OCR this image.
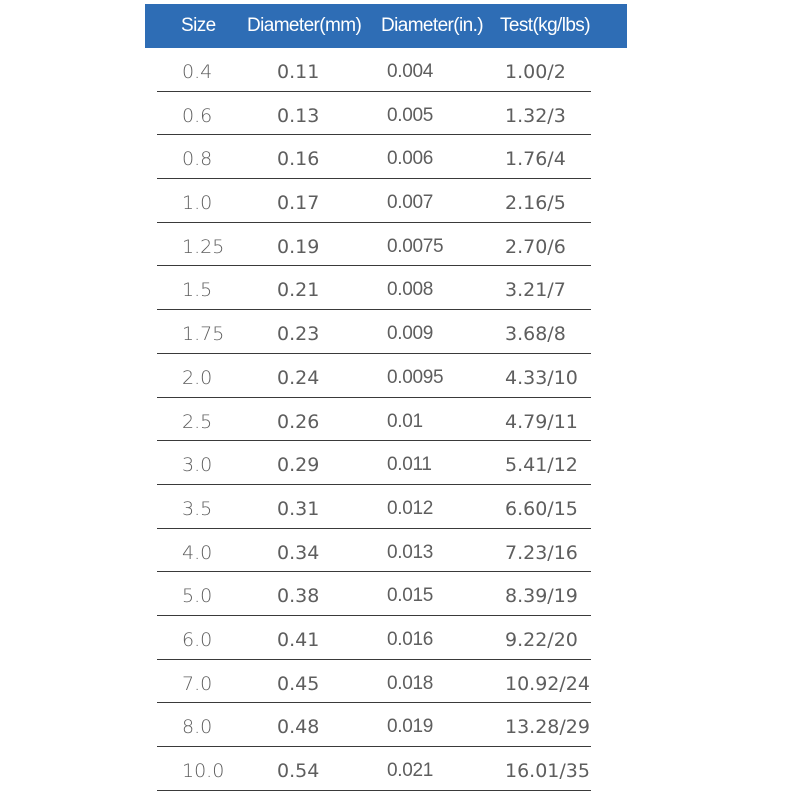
Size Diameter(mm) Diameter(in.) Test(kg/lbs)
0.4	0.11	0.004	1.00/2
0.6	0.13	0.005	1.32/3
0.8	0.16	0.006	1.76/4
1.0	0.17	0.007	2.16/5
1.25	0.19	0.0075	2.70/6
1.5	0.21	0.008	3.21/7
1.75	0.23	0.009	3.68/8
2.0	0.24	0.0095	4.33/10
2.5	0.26	0.01	4.79/11
3.0	0.29	0.011	5.41/12
3.5	0.31	0.012	6.60/15
4.0	0.34	0.013	7.23/16
5.0	0.38	0.015	8.39/19
6.0	0.41	0.016	9.22/20
7.0	0.45	0.018	10.92/24
8.0	0.48	0.019	13.28/29
10.0	0.54	0.021	16.01/35
